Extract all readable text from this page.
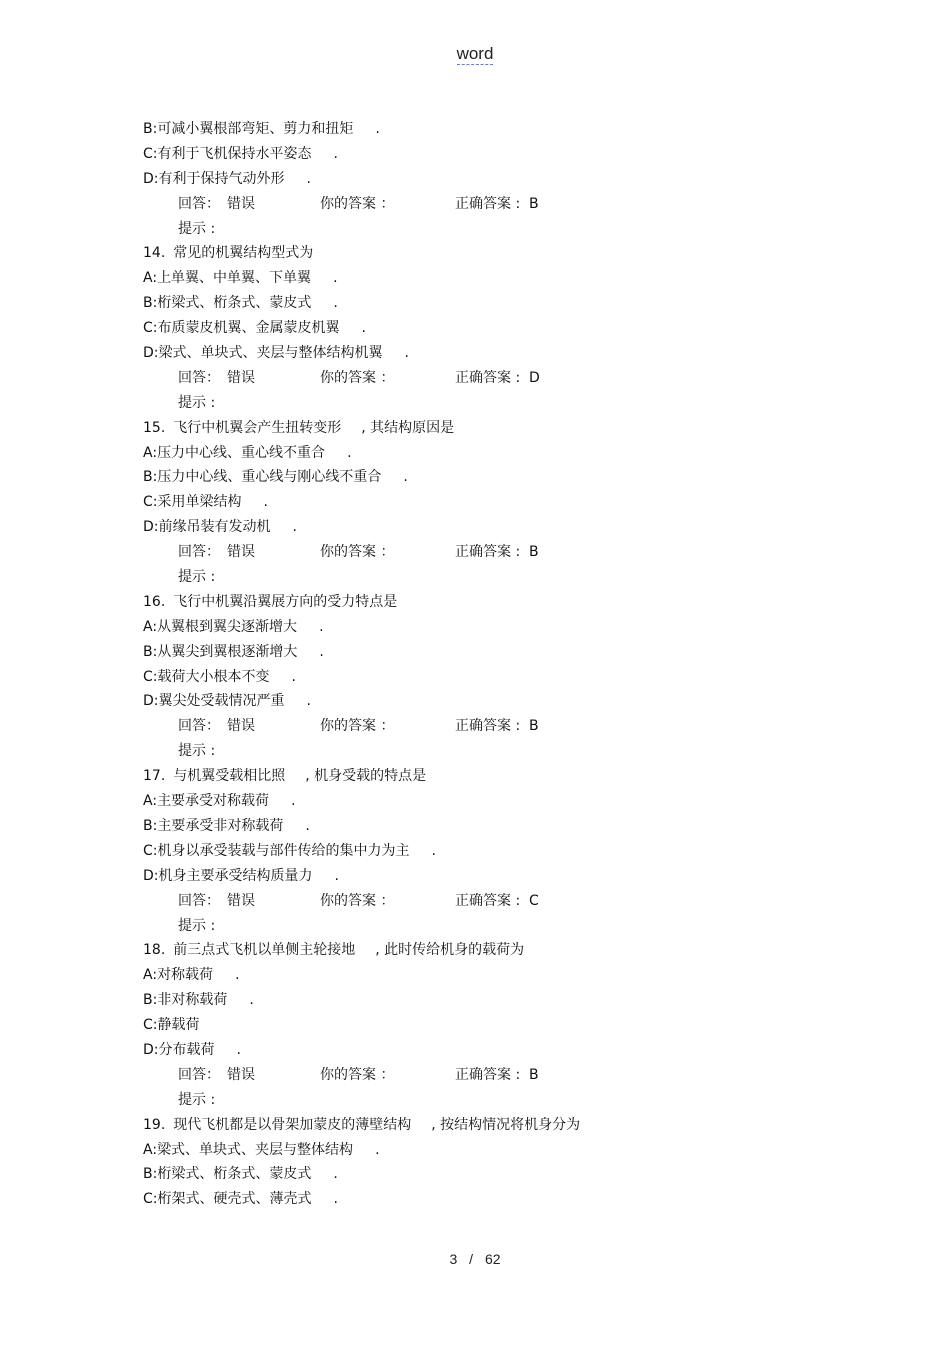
word
B:可减小翼根部弯矩、剪力和扭矩 .
C:有利于飞机保持水平姿态 .
D:有利于保持气动外形 .
回答： 错误	你的答案 ：	正确答案 : B
提示 :
14. 常见的机翼结构型式为
A:上单翼、中单翼、下单翼 .
B:桁梁式、桁条式、蒙皮式 .
C:布质蒙皮机翼、金属蒙皮机翼 .
D:梁式、单块式、夹层与整体结构机翼 .
回答： 错误	你的答案 ：	正确答案 : D
提示 :
15. 飞行中机翼会产生扭转变形 , 其结构原因是
A:压力中心线、重心线不重合 .
B:压力中心线、重心线与刚心线不重合 .
C:采用单梁结构 .
D:前缘吊装有发动机 .
回答： 错误	你的答案 ：	正确答案 : B
提示 :
16. 飞行中机翼沿翼展方向的受力特点是
A:从翼根到翼尖逐渐增大 .
B:从翼尖到翼根逐渐增大 .
C:载荷大小根本不变 .
D:翼尖处受载情况严重 .
回答： 错误	你的答案 ：	正确答案 : B
提示 :
17. 与机翼受载相比照 , 机身受载的特点是
A:主要承受对称载荷 .
B:主要承受非对称载荷 .
C:机身以承受装载与部件传给的集中力为主 .
D:机身主要承受结构质量力 .
回答： 错误	你的答案 ：	正确答案 : C
提示 :
18. 前三点式飞机以单侧主轮接地 , 此时传给机身的载荷为
A:对称载荷 .
B:非对称载荷 .
C:静载荷
D:分布载荷 .
回答： 错误	你的答案 ：	正确答案 : B
提示 :
19. 现代飞机都是以骨架加蒙皮的薄壁结构 , 按结构情况将机身分为
A:梁式、单块式、夹层与整体结构 .
B:桁梁式、桁条式、蒙皮式 .
C:桁架式、硬壳式、薄壳式 .
3 / 62
